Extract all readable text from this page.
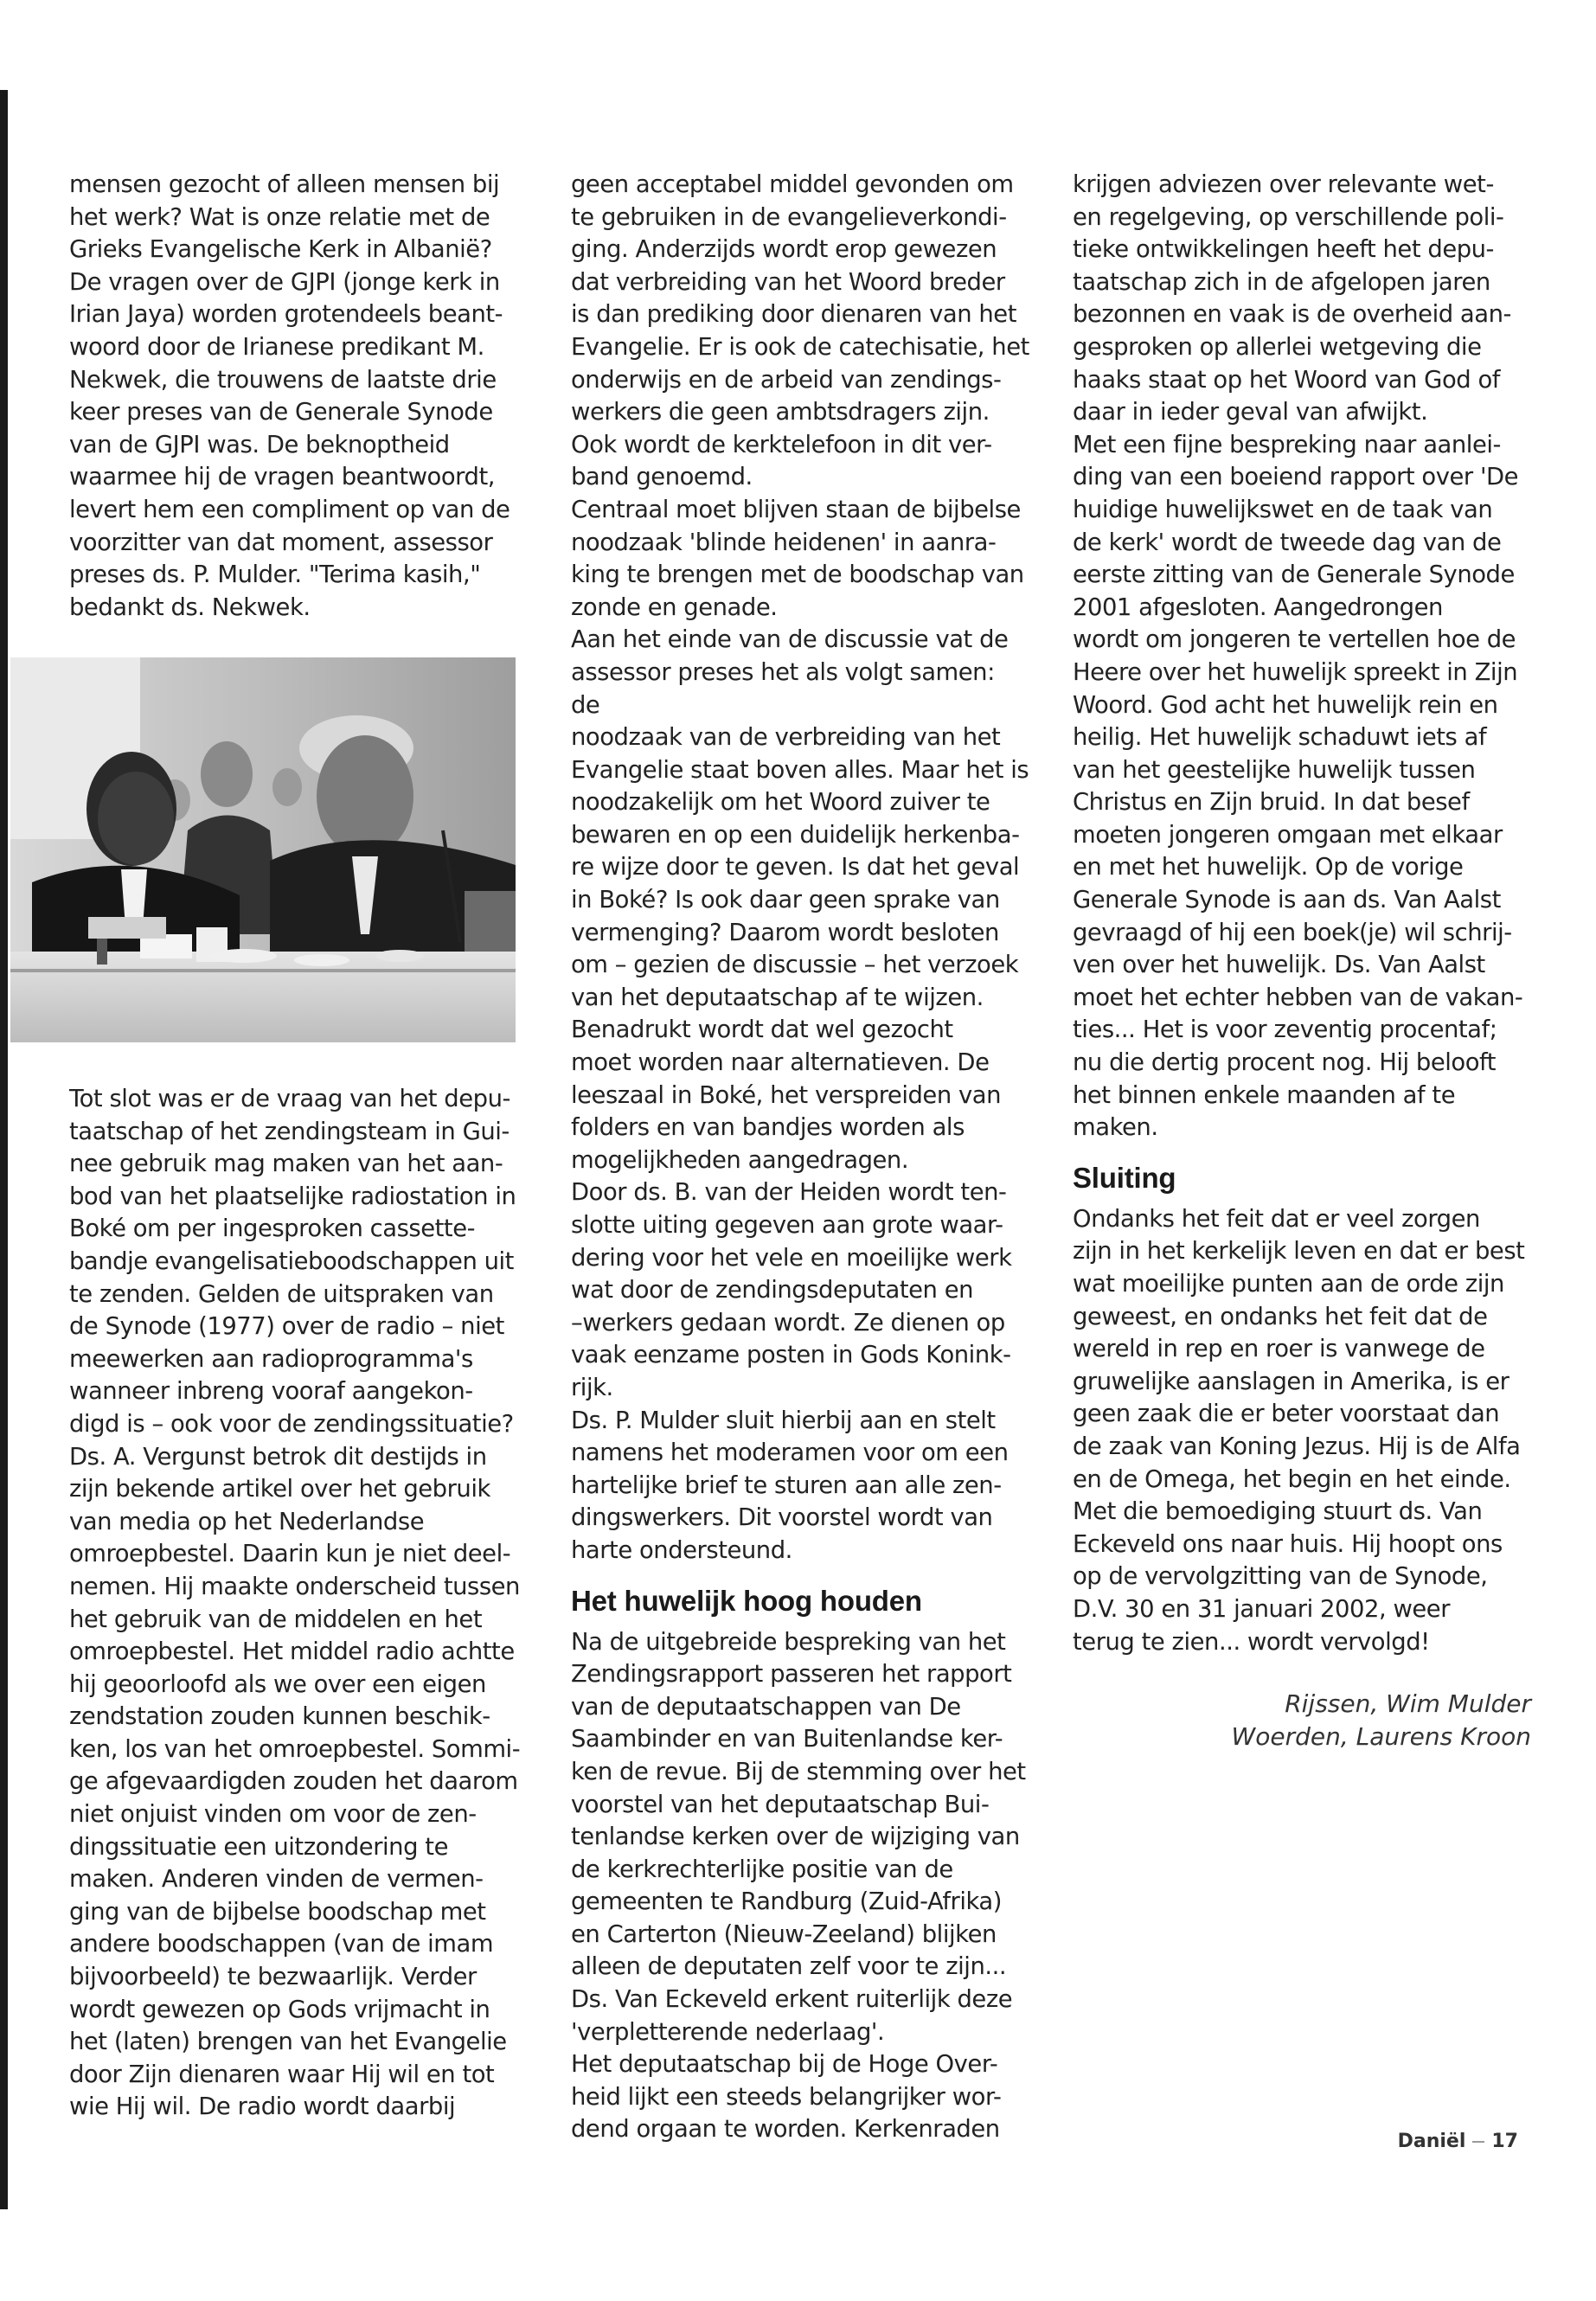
mensen gezocht of alleen mensen bij
het werk? Wat is onze relatie met de
Grieks Evangelische Kerk in Albanië?
De vragen over de GJPI (jonge kerk in
Irian Jaya) worden grotendeels beant-
woord door de Irianese predikant M.
Nekwek, die trouwens de laatste drie
keer preses van de Generale Synode
van de GJPI was. De beknoptheid
waarmee hij de vragen beantwoordt,
levert hem een compliment op van de
voorzitter van dat moment, assessor
preses ds. P. Mulder. "Terima kasih,"
bedankt ds. Nekwek.

Tot slot was er de vraag van het depu-
taatschap of het zendingsteam in Gui-
nee gebruik mag maken van het aan-
bod van het plaatselijke radiostation in
Boké om per ingesproken cassette-
bandje evangelisatieboodschappen uit
te zenden. Gelden de uitspraken van
de Synode (1977) over de radio – niet
meewerken aan radioprogramma's
wanneer inbreng vooraf aangekon-
digd is – ook voor de zendingssituatie?
Ds. A. Vergunst betrok dit destijds in
zijn bekende artikel over het gebruik
van media op het Nederlandse
omroepbestel. Daarin kun je niet deel-
nemen. Hij maakte onderscheid tussen
het gebruik van de middelen en het
omroepbestel. Het middel radio achtte
hij geoorloofd als we over een eigen
zendstation zouden kunnen beschik-
ken, los van het omroepbestel. Sommi-
ge afgevaardigden zouden het daarom
niet onjuist vinden om voor de zen-
dingssituatie een uitzondering te
maken. Anderen vinden de vermen-
ging van de bijbelse boodschap met
andere boodschappen (van de imam
bijvoorbeeld) te bezwaarlijk. Verder
wordt gewezen op Gods vrijmacht in
het (laten) brengen van het Evangelie
door Zijn dienaren waar Hij wil en tot
wie Hij wil. De radio wordt daarbij

geen acceptabel middel gevonden om
te gebruiken in de evangelieverkondi-
ging. Anderzijds wordt erop gewezen
dat verbreiding van het Woord breder
is dan prediking door dienaren van het
Evangelie. Er is ook de catechisatie, het
onderwijs en de arbeid van zendings-
werkers die geen ambtsdragers zijn.
Ook wordt de kerktelefoon in dit ver-
band genoemd.

Centraal moet blijven staan de bijbelse
noodzaak 'blinde heidenen' in aanra-
king te brengen met de boodschap van
zonde en genade.

Aan het einde van de discussie vat de
assessor preses het als volgt samen: de
noodzaak van de verbreiding van het
Evangelie staat boven alles. Maar het is
noodzakelijk om het Woord zuiver te
bewaren en op een duidelijk herkenba-
re wijze door te geven. Is dat het geval
in Boké? Is ook daar geen sprake van
vermenging? Daarom wordt besloten
om – gezien de discussie – het verzoek
van het deputaatschap af te wijzen.
Benadrukt wordt dat wel gezocht
moet worden naar alternatieven. De
leeszaal in Boké, het verspreiden van
folders en van bandjes worden als
mogelijkheden aangedragen.

Door ds. B. van der Heiden wordt ten-
slotte uiting gegeven aan grote waar-
dering voor het vele en moeilijke werk
wat door de zendingsdeputaten en
–werkers gedaan wordt. Ze dienen op
vaak eenzame posten in Gods Konink-
rijk.

Ds. P. Mulder sluit hierbij aan en stelt
namens het moderamen voor om een
hartelijke brief te sturen aan alle zen-
dingswerkers. Dit voorstel wordt van
harte ondersteund.

Het huwelijk hoog houden

Na de uitgebreide bespreking van het
Zendingsrapport passeren het rapport
van de deputaatschappen van De
Saambinder en van Buitenlandse ker-
ken de revue. Bij de stemming over het
voorstel van het deputaatschap Bui-
tenlandse kerken over de wijziging van
de kerkrechterlijke positie van de
gemeenten te Randburg (Zuid-Afrika)
en Carterton (Nieuw-Zeeland) blijken
alleen de deputaten zelf voor te zijn...
Ds. Van Eckeveld erkent ruiterlijk deze
'verpletterende nederlaag'.

Het deputaatschap bij de Hoge Over-
heid lijkt een steeds belangrijker wor-
dend orgaan te worden. Kerkenraden

krijgen adviezen over relevante wet-
en regelgeving, op verschillende poli-
tieke ontwikkelingen heeft het depu-
taatschap zich in de afgelopen jaren
bezonnen en vaak is de overheid aan-
gesproken op allerlei wetgeving die
haaks staat op het Woord van God of
daar in ieder geval van afwijkt.

Met een fijne bespreking naar aanlei-
ding van een boeiend rapport over 'De
huidige huwelijkswet en de taak van
de kerk' wordt de tweede dag van de
eerste zitting van de Generale Synode
2001 afgesloten. Aangedrongen
wordt om jongeren te vertellen hoe de
Heere over het huwelijk spreekt in Zijn
Woord. God acht het huwelijk rein en
heilig. Het huwelijk schaduwt iets af
van het geestelijke huwelijk tussen
Christus en Zijn bruid. In dat besef
moeten jongeren omgaan met elkaar
en met het huwelijk. Op de vorige
Generale Synode is aan ds. Van Aalst
gevraagd of hij een boek(je) wil schrij-
ven over het huwelijk. Ds. Van Aalst
moet het echter hebben van de vakan-
ties... Het is voor zeventig procentaf;
nu die dertig procent nog. Hij belooft
het binnen enkele maanden af te
maken.

Sluiting

Ondanks het feit dat er veel zorgen
zijn in het kerkelijk leven en dat er best
wat moeilijke punten aan de orde zijn
geweest, en ondanks het feit dat de
wereld in rep en roer is vanwege de
gruwelijke aanslagen in Amerika, is er
geen zaak die er beter voorstaat dan
de zaak van Koning Jezus. Hij is de Alfa
en de Omega, het begin en het einde.
Met die bemoediging stuurt ds. Van
Eckeveld ons naar huis. Hij hoopt ons
op de vervolgzitting van de Synode,
D.V. 30 en 31 januari 2002, weer
terug te zien... wordt vervolgd!

Rijssen, Wim Mulder
Woerden, Laurens Kroon
Daniël 17
